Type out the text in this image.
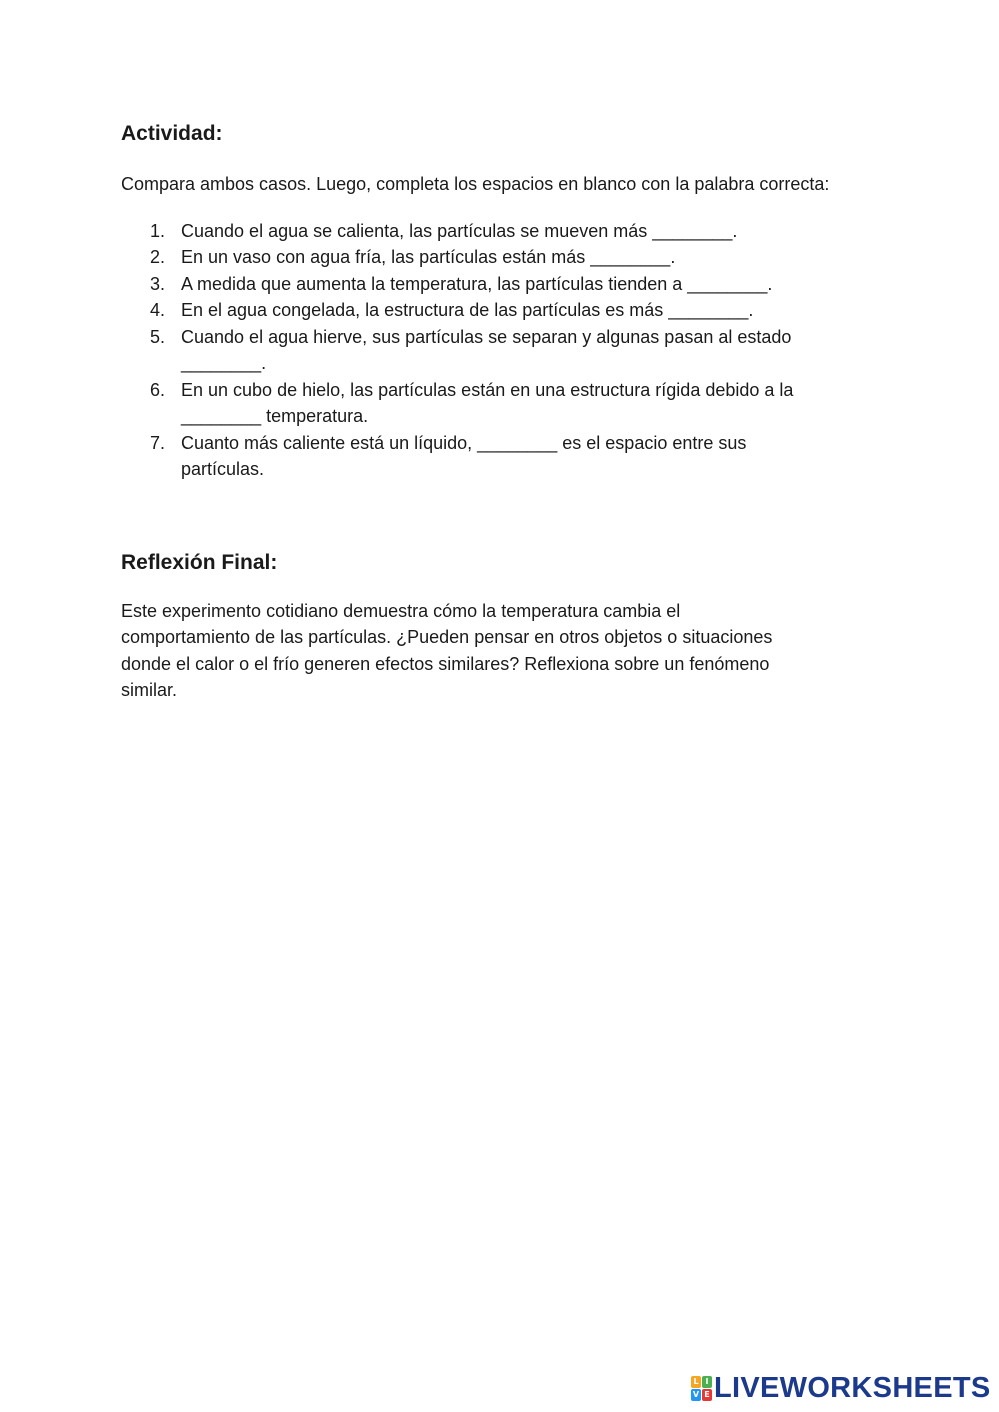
Actividad:

Compara ambos casos. Luego, completa los espacios en blanco con la palabra correcta:

1. Cuando el agua se calienta, las partículas se mueven más ________.
2. En un vaso con agua fría, las partículas están más ________.
3. A medida que aumenta la temperatura, las partículas tienden a ________.
4. En el agua congelada, la estructura de las partículas es más ________.
5. Cuando el agua hierve, sus partículas se separan y algunas pasan al estado
________.
6. En un cubo de hielo, las partículas están en una estructura rígida debido a la
________ temperatura.
7. Cuanto más caliente está un líquido, ________ es el espacio entre sus
partículas.
Reflexión Final:

Este experimento cotidiano demuestra cómo la temperatura cambia el
comportamiento de las partículas. ¿Pueden pensar en otros objetos o situaciones
donde el calor o el frío generen efectos similares? Reflexiona sobre un fenómeno
similar.

L I
V E LIVEWORKSHEETS
